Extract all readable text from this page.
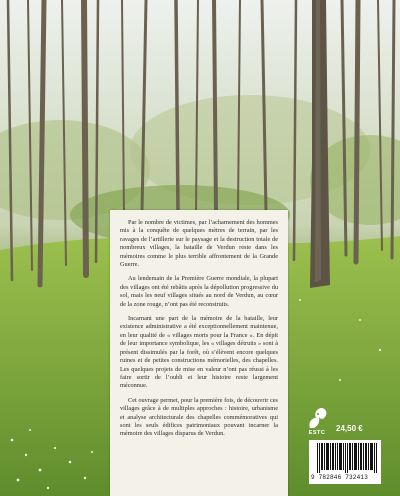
Par le nombre de victimes, par l’acharnement des hommes mis à la conquête de quelques mètres de terrain, par les ravages de l’artillerie sur le paysage et la destruction totale de nombreux villages, la bataille de Verdun reste dans les mémoires comme le plus terrible affrontement de la Grande Guerre.

Au lendemain de la Première Guerre mondiale, la plupart des villages ont été rebâtis après la dépollution progressive du sol, mais les neuf villages situés au nord de Verdun, au cœur de la zone rouge, n’ont pas été reconstruits.

Incarnant une part de la mémoire de la bataille, leur existence administrative a été exceptionnellement maintenue, en leur qualité de « villages morts pour la France ». En dépit de leur importance symbolique, les « villages détruits » sont à présent dissimulés par la forêt, où s’élèvent encore quelques ruines et de petites constructions mémorielles, des chapelles. Les quelques projets de mise en valeur n’ont pas réussi à les faire sortir de l’oubli et leur histoire reste largement méconnue.

Cet ouvrage permet, pour la première fois, de découvrir ces villages grâce à de multiples approches : histoire, urbanisme et analyse architecturale des chapelles commémoratives qui sont les seuls édifices patrimoniaux pouvant incarner la mémoire des villages disparus de Verdun.	ESTC	24,50 €
9 782846 732413
